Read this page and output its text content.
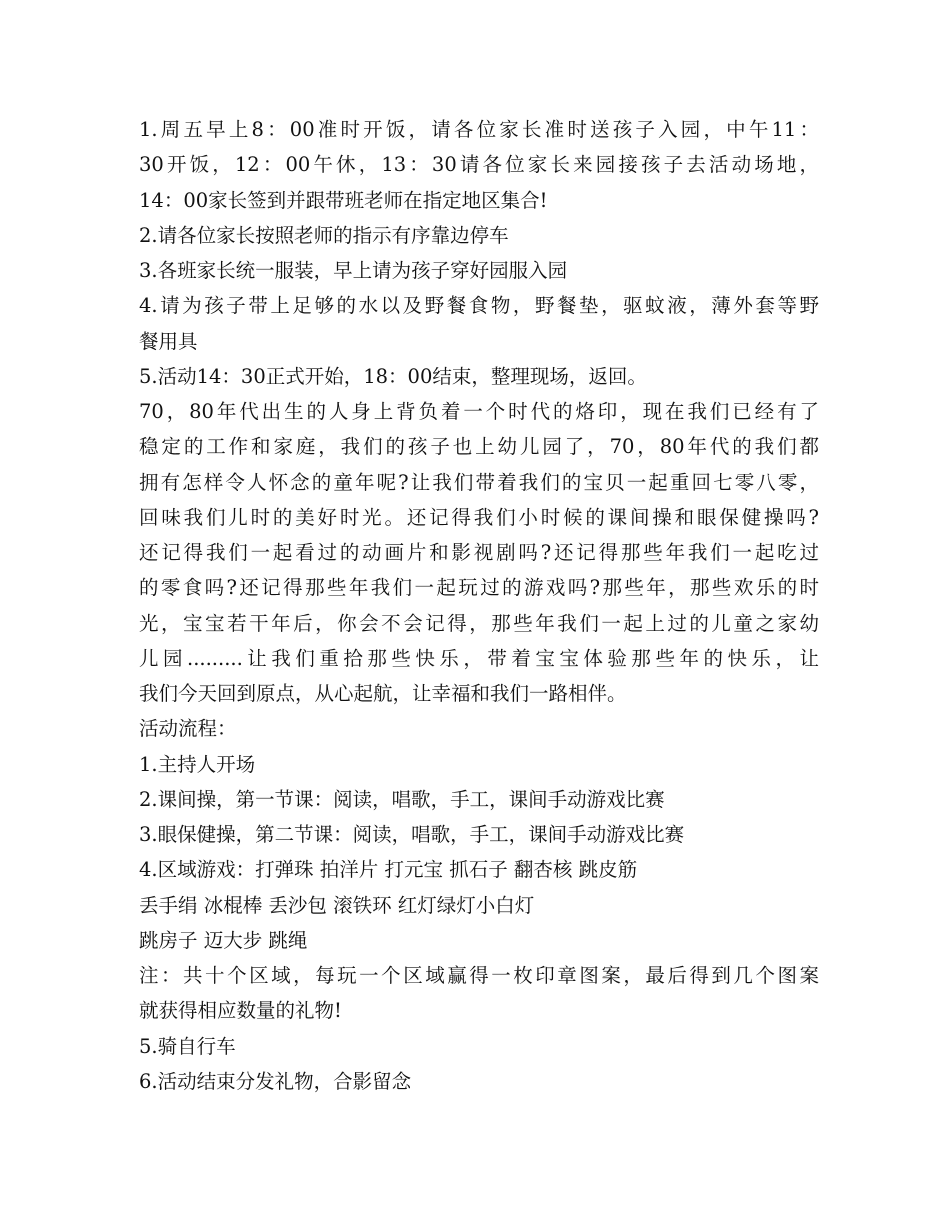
1.周五早上8：00准时开饭，请各位家长准时送孩子入园，中午11：
30开饭，12：00午休，13：30请各位家长来园接孩子去活动场地，
14：00家长签到并跟带班老师在指定地区集合!
2.请各位家长按照老师的指示有序靠边停车
3.各班家长统一服装，早上请为孩子穿好园服入园
4.请为孩子带上足够的水以及野餐食物，野餐垫，驱蚊液，薄外套等野
餐用具
5.活动14：30正式开始，18：00结束，整理现场，返回。
70，80年代出生的人身上背负着一个时代的烙印，现在我们已经有了
稳定的工作和家庭，我们的孩子也上幼儿园了，70，80年代的我们都
拥有怎样令人怀念的童年呢?让我们带着我们的宝贝一起重回七零八零，
回味我们儿时的美好时光。还记得我们小时候的课间操和眼保健操吗?
还记得我们一起看过的动画片和影视剧吗?还记得那些年我们一起吃过
的零食吗?还记得那些年我们一起玩过的游戏吗?那些年，那些欢乐的时
光，宝宝若干年后，你会不会记得，那些年我们一起上过的儿童之家幼
儿园.........让我们重拾那些快乐，带着宝宝体验那些年的快乐，让
我们今天回到原点，从心起航，让幸福和我们一路相伴。
活动流程：
1.主持人开场
2.课间操，第一节课：阅读，唱歌，手工，课间手动游戏比赛
3.眼保健操，第二节课：阅读，唱歌，手工，课间手动游戏比赛
4.区域游戏：打弹珠 拍洋片 打元宝 抓石子 翻杏核 跳皮筋
丢手绢 冰棍棒 丢沙包 滚铁环 红灯绿灯小白灯
跳房子 迈大步 跳绳
注：共十个区域，每玩一个区域赢得一枚印章图案，最后得到几个图案
就获得相应数量的礼物!
5.骑自行车
6.活动结束分发礼物，合影留念
